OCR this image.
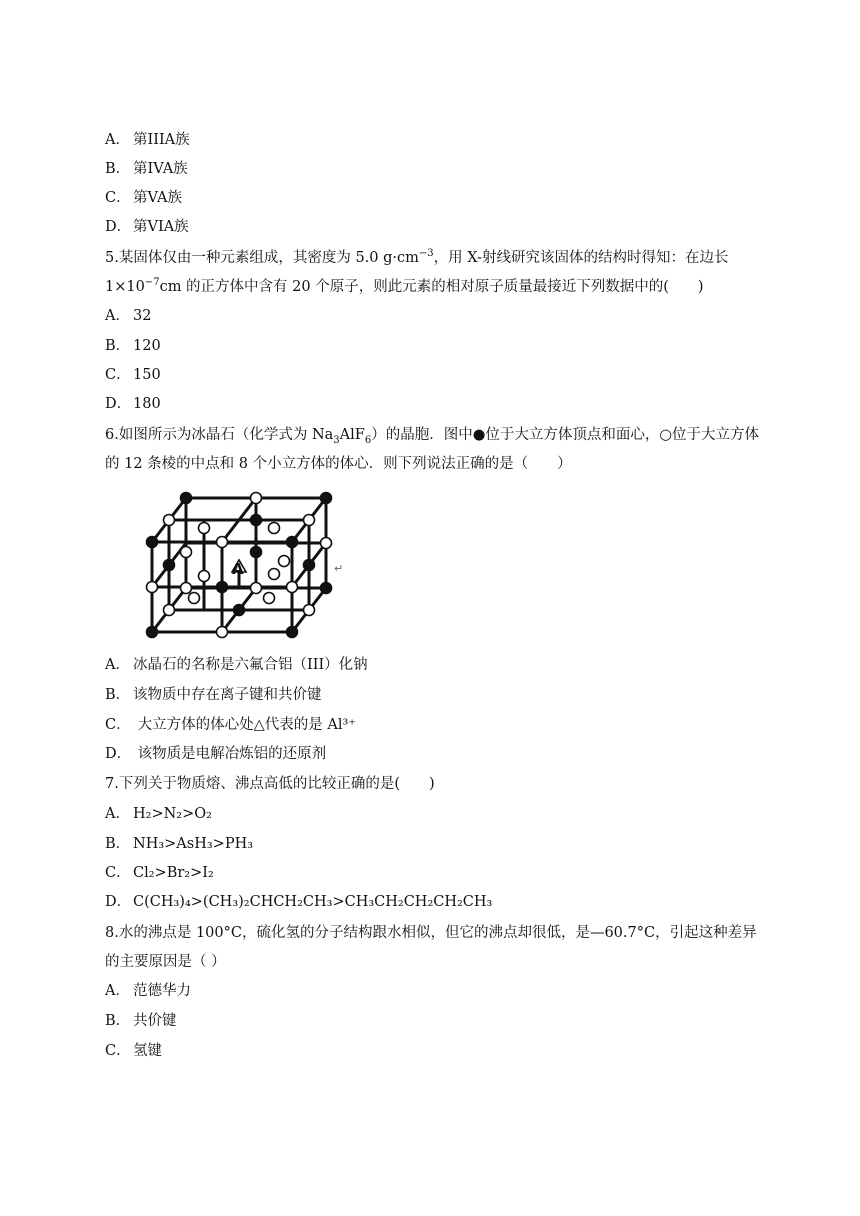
A． 第IIIA族
B． 第IVA族
C． 第VA族
D． 第VIA族
5.某固体仅由一种元素组成，其密度为 5.0 $g\cdot cm^{-3}$，用 X-射线研究该固体的结构时得知：在边长
$1\times 10^{-7}cm$ 的正方体中含有 20 个原子，则此元素的相对原子质量最接近下列数据中的(　　)
A． 32
B． 120
C． 150
D． 180
6.如图所示为冰晶石（化学式为 $Na_3AlF_6$）的晶胞．图中●位于大立方体顶点和面心，○位于大立方体的 12 条棱的中点和 8 个小立方体的体心．则下列说法正确的是（　　）
A	↵
A． 冰晶石的名称是六氟合铝（III）化钠
B． 该物质中存在离子键和共价键
C． 大立方体的体心处△代表的是 Al³⁺
D． 该物质是电解冶炼铝的还原剂
7.下列关于物质熔、沸点高低的比较正确的是(　　)
A． H₂>N₂>O₂
B． NH₃>AsH₃>PH₃
C． Cl₂>Br₂>I₂
D． C(CH₃)₄>(CH₃)₂CHCH₂CH₃>CH₃CH₂CH₂CH₂CH₃
8.水的沸点是 100°C，硫化氢的分子结构跟水相似，但它的沸点却很低，是—60.7°C，引起这种差异的主要原因是（ ）
A． 范德华力
B． 共价键
C． 氢键
